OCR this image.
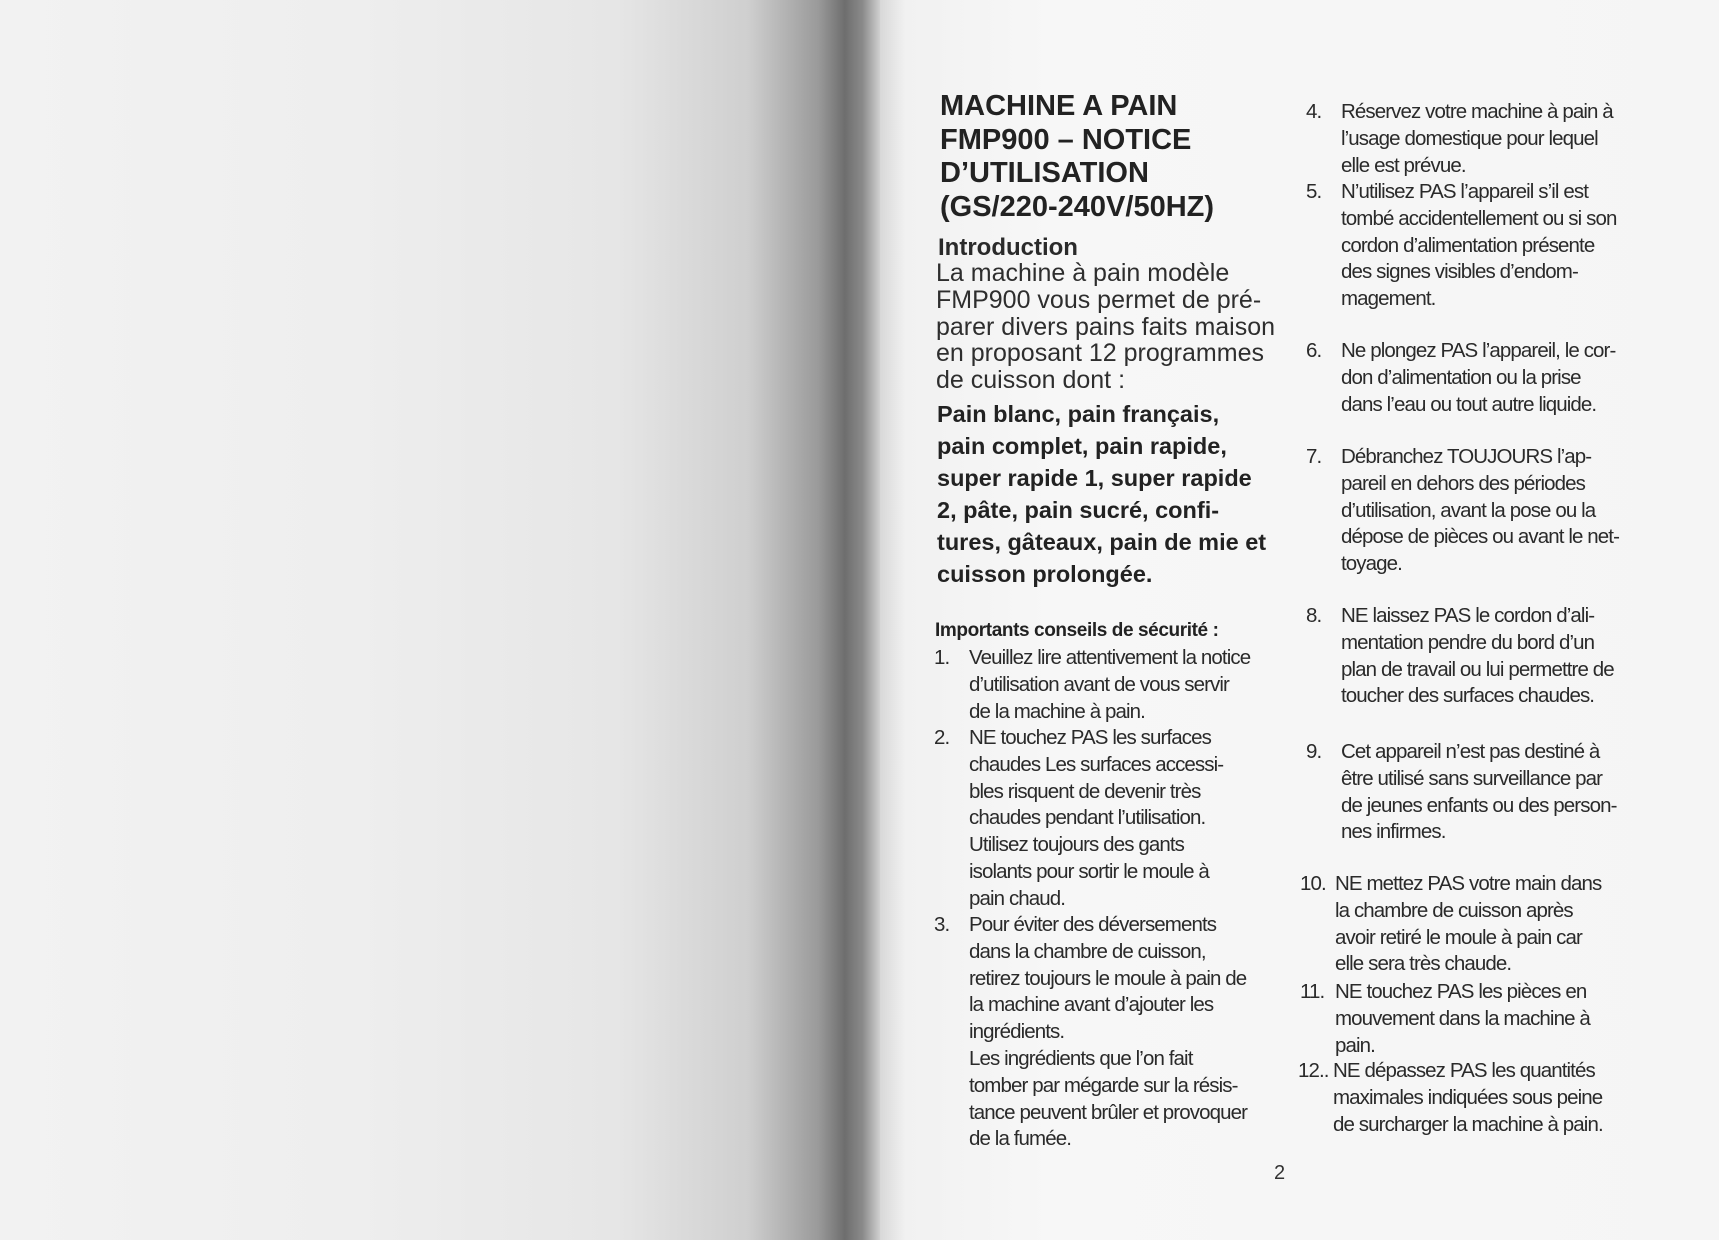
MACHINE A PAIN
FMP900 – NOTICE
D’UTILISATION
(GS/220-240V/50HZ)
Introduction
La machine à pain modèle
FMP900 vous permet de pré-
parer divers pains faits maison
en proposant 12 programmes
de cuisson dont :
Pain blanc, pain français,
pain complet, pain rapide,
super rapide 1, super rapide
2, pâte, pain sucré, confi-
tures, gâteaux, pain de mie et
cuisson prolongée.
Importants conseils de sécurité :
1. Veuillez lire attentivement la notice
d’utilisation avant de vous servir
de la machine à pain.
2. NE touchez PAS les surfaces
chaudes Les surfaces accessi-
bles risquent de devenir très
chaudes pendant l’utilisation.
Utilisez toujours des gants
isolants pour sortir le moule à
pain chaud.
3. Pour éviter des déversements
dans la chambre de cuisson,
retirez toujours le moule à pain de
la machine avant d’ajouter les
ingrédients.
Les ingrédients que l’on fait
tomber par mégarde sur la résis-
tance peuvent brûler et provoquer
de la fumée.
4. Réservez votre machine à pain à
l’usage domestique pour lequel
elle est prévue.
5. N’utilisez PAS l’appareil s’il est
tombé accidentellement ou si son
cordon d’alimentation présente
des signes visibles d’endom-
magement.
6. Ne plongez PAS l’appareil, le cor-
don d’alimentation ou la prise
dans l’eau ou tout autre liquide.
7. Débranchez TOUJOURS l’ap-
pareil en dehors des périodes
d’utilisation, avant la pose ou la
dépose de pièces ou avant le net-
toyage.
8. NE laissez PAS le cordon d’ali-
mentation pendre du bord d’un
plan de travail ou lui permettre de
toucher des surfaces chaudes.
9. Cet appareil n’est pas destiné à
être utilisé sans surveillance par
de jeunes enfants ou des person-
nes infirmes.
10. NE mettez PAS votre main dans
la chambre de cuisson après
avoir retiré le moule à pain car
elle sera très chaude.
11. NE touchez PAS les pièces en
mouvement dans la machine à
pain.
12.. NE dépassez PAS les quantités
maximales indiquées sous peine
de surcharger la machine à pain.
2
